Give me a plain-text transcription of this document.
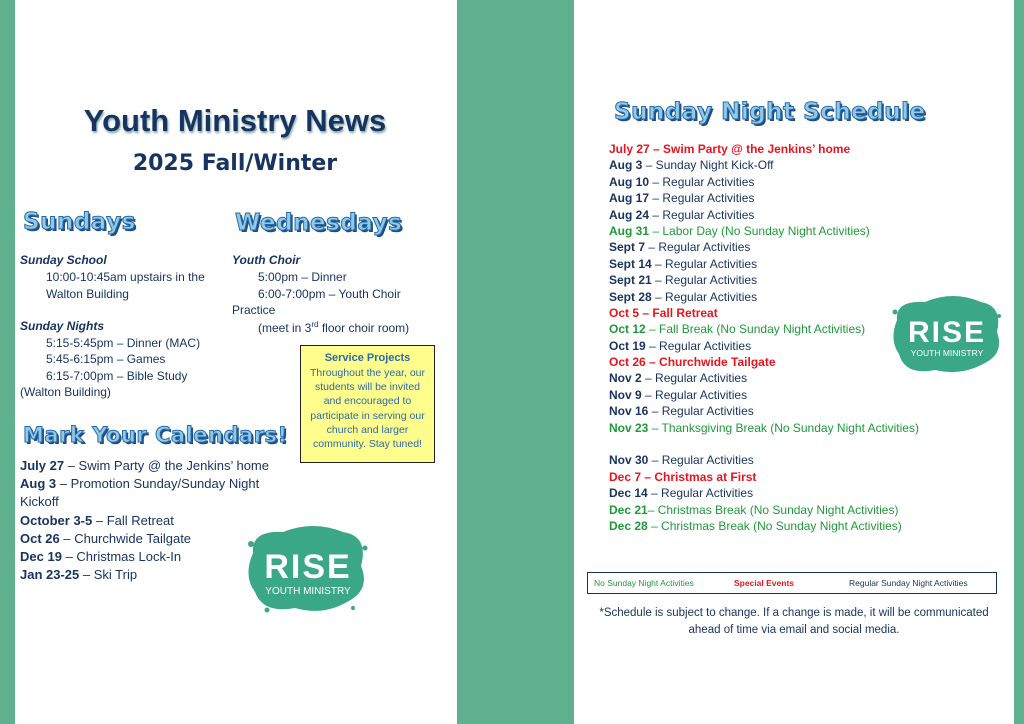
Youth Ministry News
2025 Fall/Winter
Sundays	Wednesdays
Sunday School
10:00-10:45am upstairs in the
Walton Building
Sunday Nights
5:15-5:45pm – Dinner (MAC)
5:45-6:15pm – Games
6:15-7:00pm – Bible Study
(Walton Building)
Youth Choir
5:00pm – Dinner
6:00-7:00pm – Youth Choir
Practice
(meet in 3rd floor choir room)
Service Projects
Throughout the year, our students will be invited and encouraged to participate in serving our church and larger community. Stay tuned!
Mark Your Calendars!
July 27 – Swim Party @ the Jenkins’ home
Aug 3 – Promotion Sunday/Sunday Night
Kickoff
October 3-5 – Fall Retreat
Oct 26 – Churchwide Tailgate
Dec 19 – Christmas Lock-In
Jan 23-25 – Ski Trip	RISE
YOUTH MINISTRY
Sunday Night Schedule
July 27 – Swim Party @ the Jenkins’ home
Aug 3 – Sunday Night Kick-Off
Aug 10 – Regular Activities
Aug 17 – Regular Activities
Aug 24 – Regular Activities
Aug 31 – Labor Day (No Sunday Night Activities)
Sept 7 – Regular Activities
Sept 14 – Regular Activities
Sept 21 – Regular Activities
Sept 28 – Regular Activities
Oct 5 – Fall Retreat
Oct 12 – Fall Break (No Sunday Night Activities)
Oct 19 – Regular Activities
Oct 26 – Churchwide Tailgate
Nov 2 – Regular Activities
Nov 9 – Regular Activities
Nov 16 – Regular Activities
Nov 23 – Thanksgiving Break (No Sunday Night Activities)
Nov 30 – Regular Activities
Dec 7 – Christmas at First
Dec 14 – Regular Activities
Dec 21– Christmas Break (No Sunday Night Activities)
Dec 28 – Christmas Break (No Sunday Night Activities)
RISE
YOUTH MINISTRY
No Sunday Night Activities	Special Events	Regular Sunday Night Activities
*Schedule is subject to change. If a change is made, it will be communicated ahead of time via email and social media.
